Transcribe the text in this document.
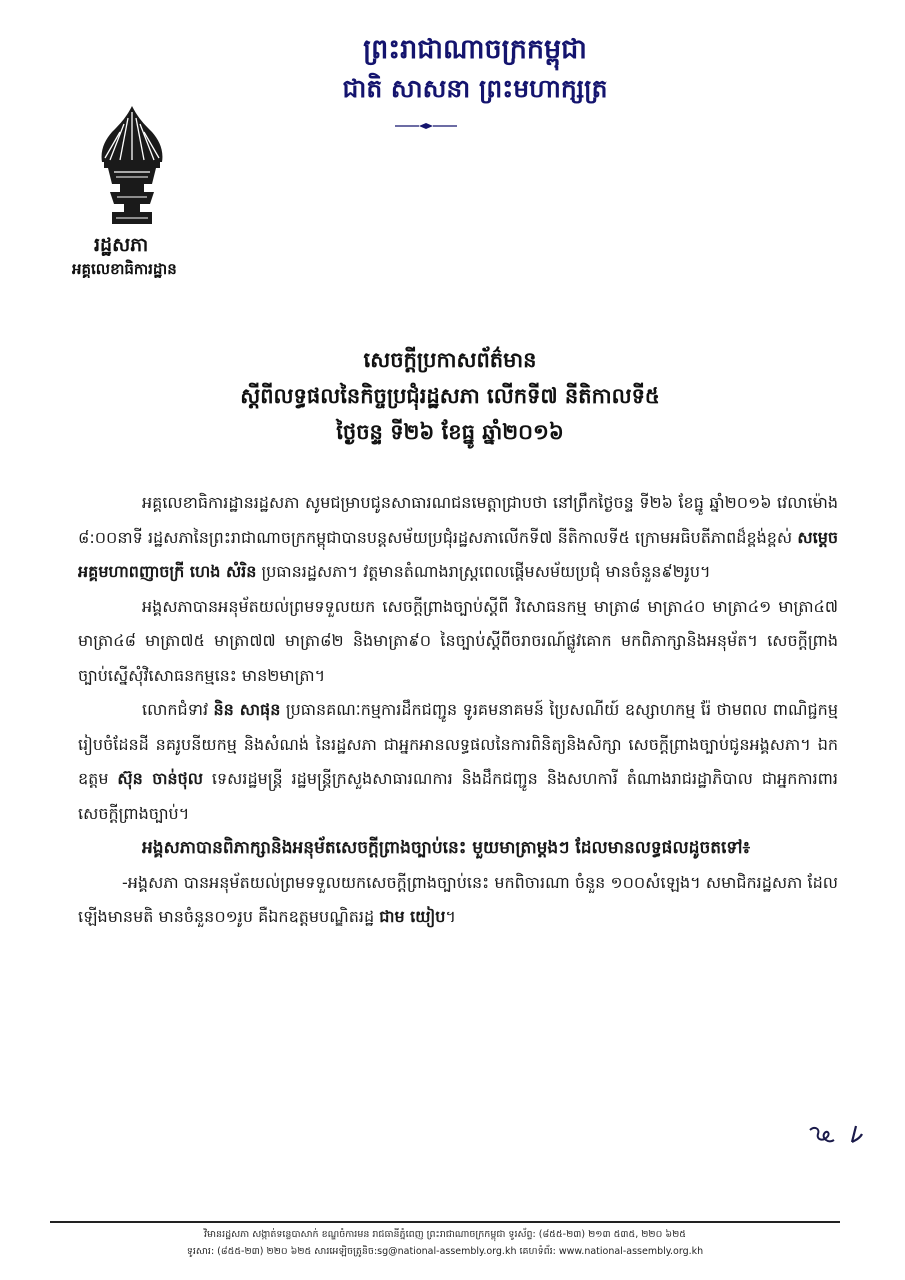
ព្រះរាជាណាចក្រកម្ពុជា
ជាតិ សាសនា ព្រះមហាក្សត្រ
រដ្ឋសភា
អគ្គលេខាធិការដ្ឋាន
សេចក្តីប្រកាសព័ត៌មាន
ស្តីពីលទ្ធផលនៃកិច្ចប្រជុំរដ្ឋសភា លើកទី៧ នីតិកាលទី៥
ថ្ងៃចន្ទ ទី២៦ ខែធ្នូ ឆ្នាំ២០១៦

អគ្គលេខាធិការដ្ឋានរដ្ឋសភា សូមជម្រាបជូនសាធារណជនមេត្តាជ្រាបថា នៅព្រឹកថ្ងៃចន្ទ ទី២៦ ខែធ្នូ ឆ្នាំ២០១៦ វេលាម៉ោង ៨:០០នាទី រដ្ឋសភានៃព្រះរាជាណាចក្រកម្ពុជាបានបន្តសម័យប្រជុំរដ្ឋសភាលើកទី៧ នីតិកាលទី៥ ក្រោមអធិបតីភាពដ៏ខ្ពង់ខ្ពស់ សម្តេចអគ្គមហាពញាចក្រី ហេង សំរិន ប្រធានរដ្ឋសភា។ វត្តមានតំណាងរាស្ត្រពេលផ្តើមសម័យប្រជុំ មានចំនួន៩២រូប។

អង្គសភាបានអនុម័តយល់ព្រមទទួលយក សេចក្តីព្រាងច្បាប់ស្តីពី វិសោធនកម្ម មាត្រា៨ មាត្រា៤០ មាត្រា៤១ មាត្រា៤៧ មាត្រា៤៨ មាត្រា៧៥ មាត្រា៧៧ មាត្រា៨២ និងមាត្រា៩០ នៃច្បាប់ស្តីពីចរាចរណ៍ផ្លូវគោក មកពិភាក្សានិងអនុម័ត។ សេចក្តីព្រាងច្បាប់ស្នើសុំវិសោធនកម្មនេះ មាន២មាត្រា។

លោកជំទាវ និន សាផុន ប្រធានគណៈកម្មការដឹកជញ្ជូន ទូរគមនាគមន៍ ប្រៃសណីយ៍ ឧស្សាហកម្ម រ៉ែ ថាមពល ពាណិជ្ជកម្ម រៀបចំដែនដី នគរូបនីយកម្ម និងសំណង់ នៃរដ្ឋសភា ជាអ្នកអានលទ្ធផលនៃការពិនិត្យនិងសិក្សា សេចក្តីព្រាងច្បាប់ជូនអង្គសភា។ ឯកឧត្តម ស៊ុន ចាន់ថុល ទេសរដ្ឋមន្ត្រី រដ្ឋមន្ត្រីក្រសួងសាធារណការ និងដឹកជញ្ជូន និងសហការី តំណាងរាជរដ្ឋាភិបាល ជាអ្នកការពារសេចក្តីព្រាងច្បាប់។

អង្គសភាបានពិភាក្សានិងអនុម័តសេចក្តីព្រាងច្បាប់នេះ មួយមាត្រាម្តងៗ ដែលមានលទ្ធផលដូចតទៅ៖

-អង្គសភា បានអនុម័តយល់ព្រមទទួលយកសេចក្តីព្រាងច្បាប់នេះ មកពិចារណា ចំនួន ១០០សំឡេង។ សមាជិករដ្ឋសភា ដែលឡើងមានមតិ មានចំនួន០១រូប គឺឯកឧត្តមបណ្ឌិតរដ្ឋ ជាម យៀប។

វិមានរដ្ឋសភា សង្កាត់ទន្លេបាសាក់ ខណ្ឌចំការមន រាជធានីភ្នំពេញ ព្រះរាជាណាចក្រកម្ពុជា ទូរស័ព្ទ: (៨៥៥-២៣) ២១៣ ៥៣៥, ២២០ ៦២៥
ទូរសារ: (៨៥៥-២៣) ២២០ ៦២៥ សារអេឡិចត្រូនិច:sg@national-assembly.org.kh គេហទំព័រ: www.national-assembly.org.kh
